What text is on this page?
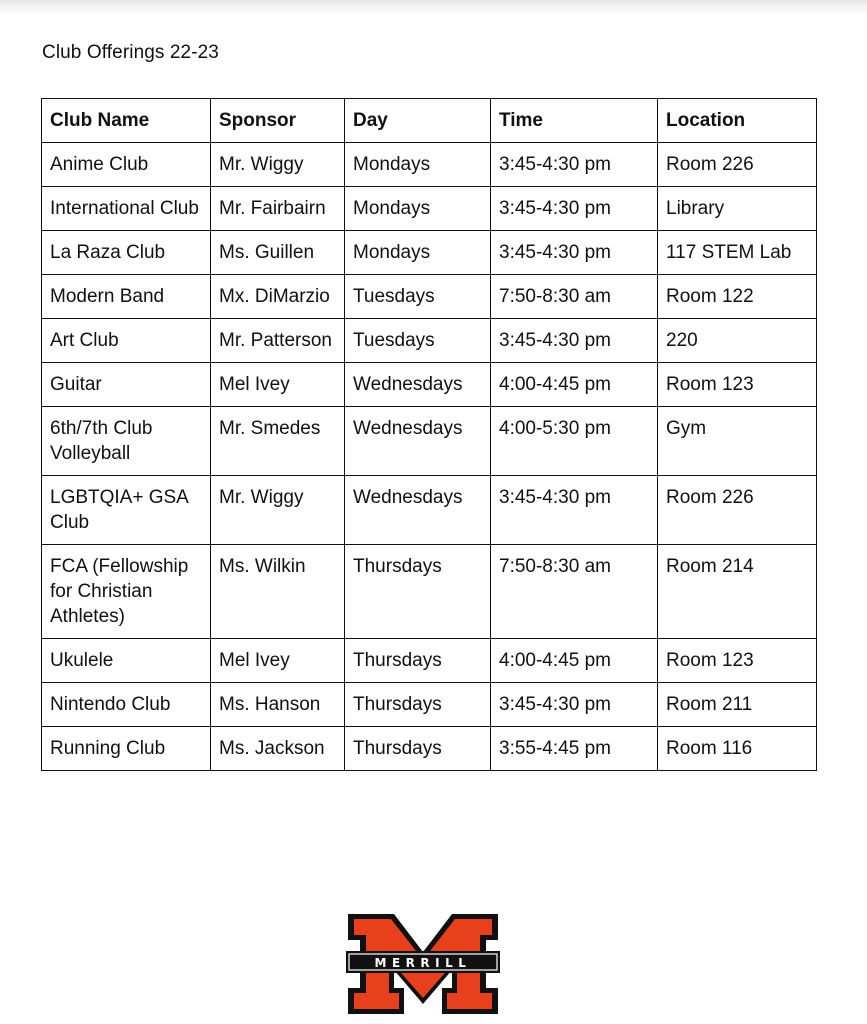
Club Offerings 22-23
Club Name	Sponsor	Day	Time	Location
Anime Club	Mr. Wiggy	Mondays	3:45-4:30 pm	Room 226
International Club	Mr. Fairbairn	Mondays	3:45-4:30 pm	Library
La Raza Club	Ms. Guillen	Mondays	3:45-4:30 pm	117 STEM Lab
Modern Band	Mx. DiMarzio	Tuesdays	7:50-8:30 am	Room 122
Art Club	Mr. Patterson	Tuesdays	3:45-4:30 pm	220
Guitar	Mel Ivey	Wednesdays	4:00-4:45 pm	Room 123
6th/7th Club Volleyball	Mr. Smedes	Wednesdays	4:00-5:30 pm	Gym
LGBTQIA+ GSA Club	Mr. Wiggy	Wednesdays	3:45-4:30 pm	Room 226
FCA (Fellowship for Christian Athletes)	Ms. Wilkin	Thursdays	7:50-8:30 am	Room 214
Ukulele	Mel Ivey	Thursdays	4:00-4:45 pm	Room 123
Nintendo Club	Ms. Hanson	Thursdays	3:45-4:30 pm	Room 211
Running Club	Ms. Jackson	Thursdays	3:55-4:45 pm	Room 116
MERRILL
